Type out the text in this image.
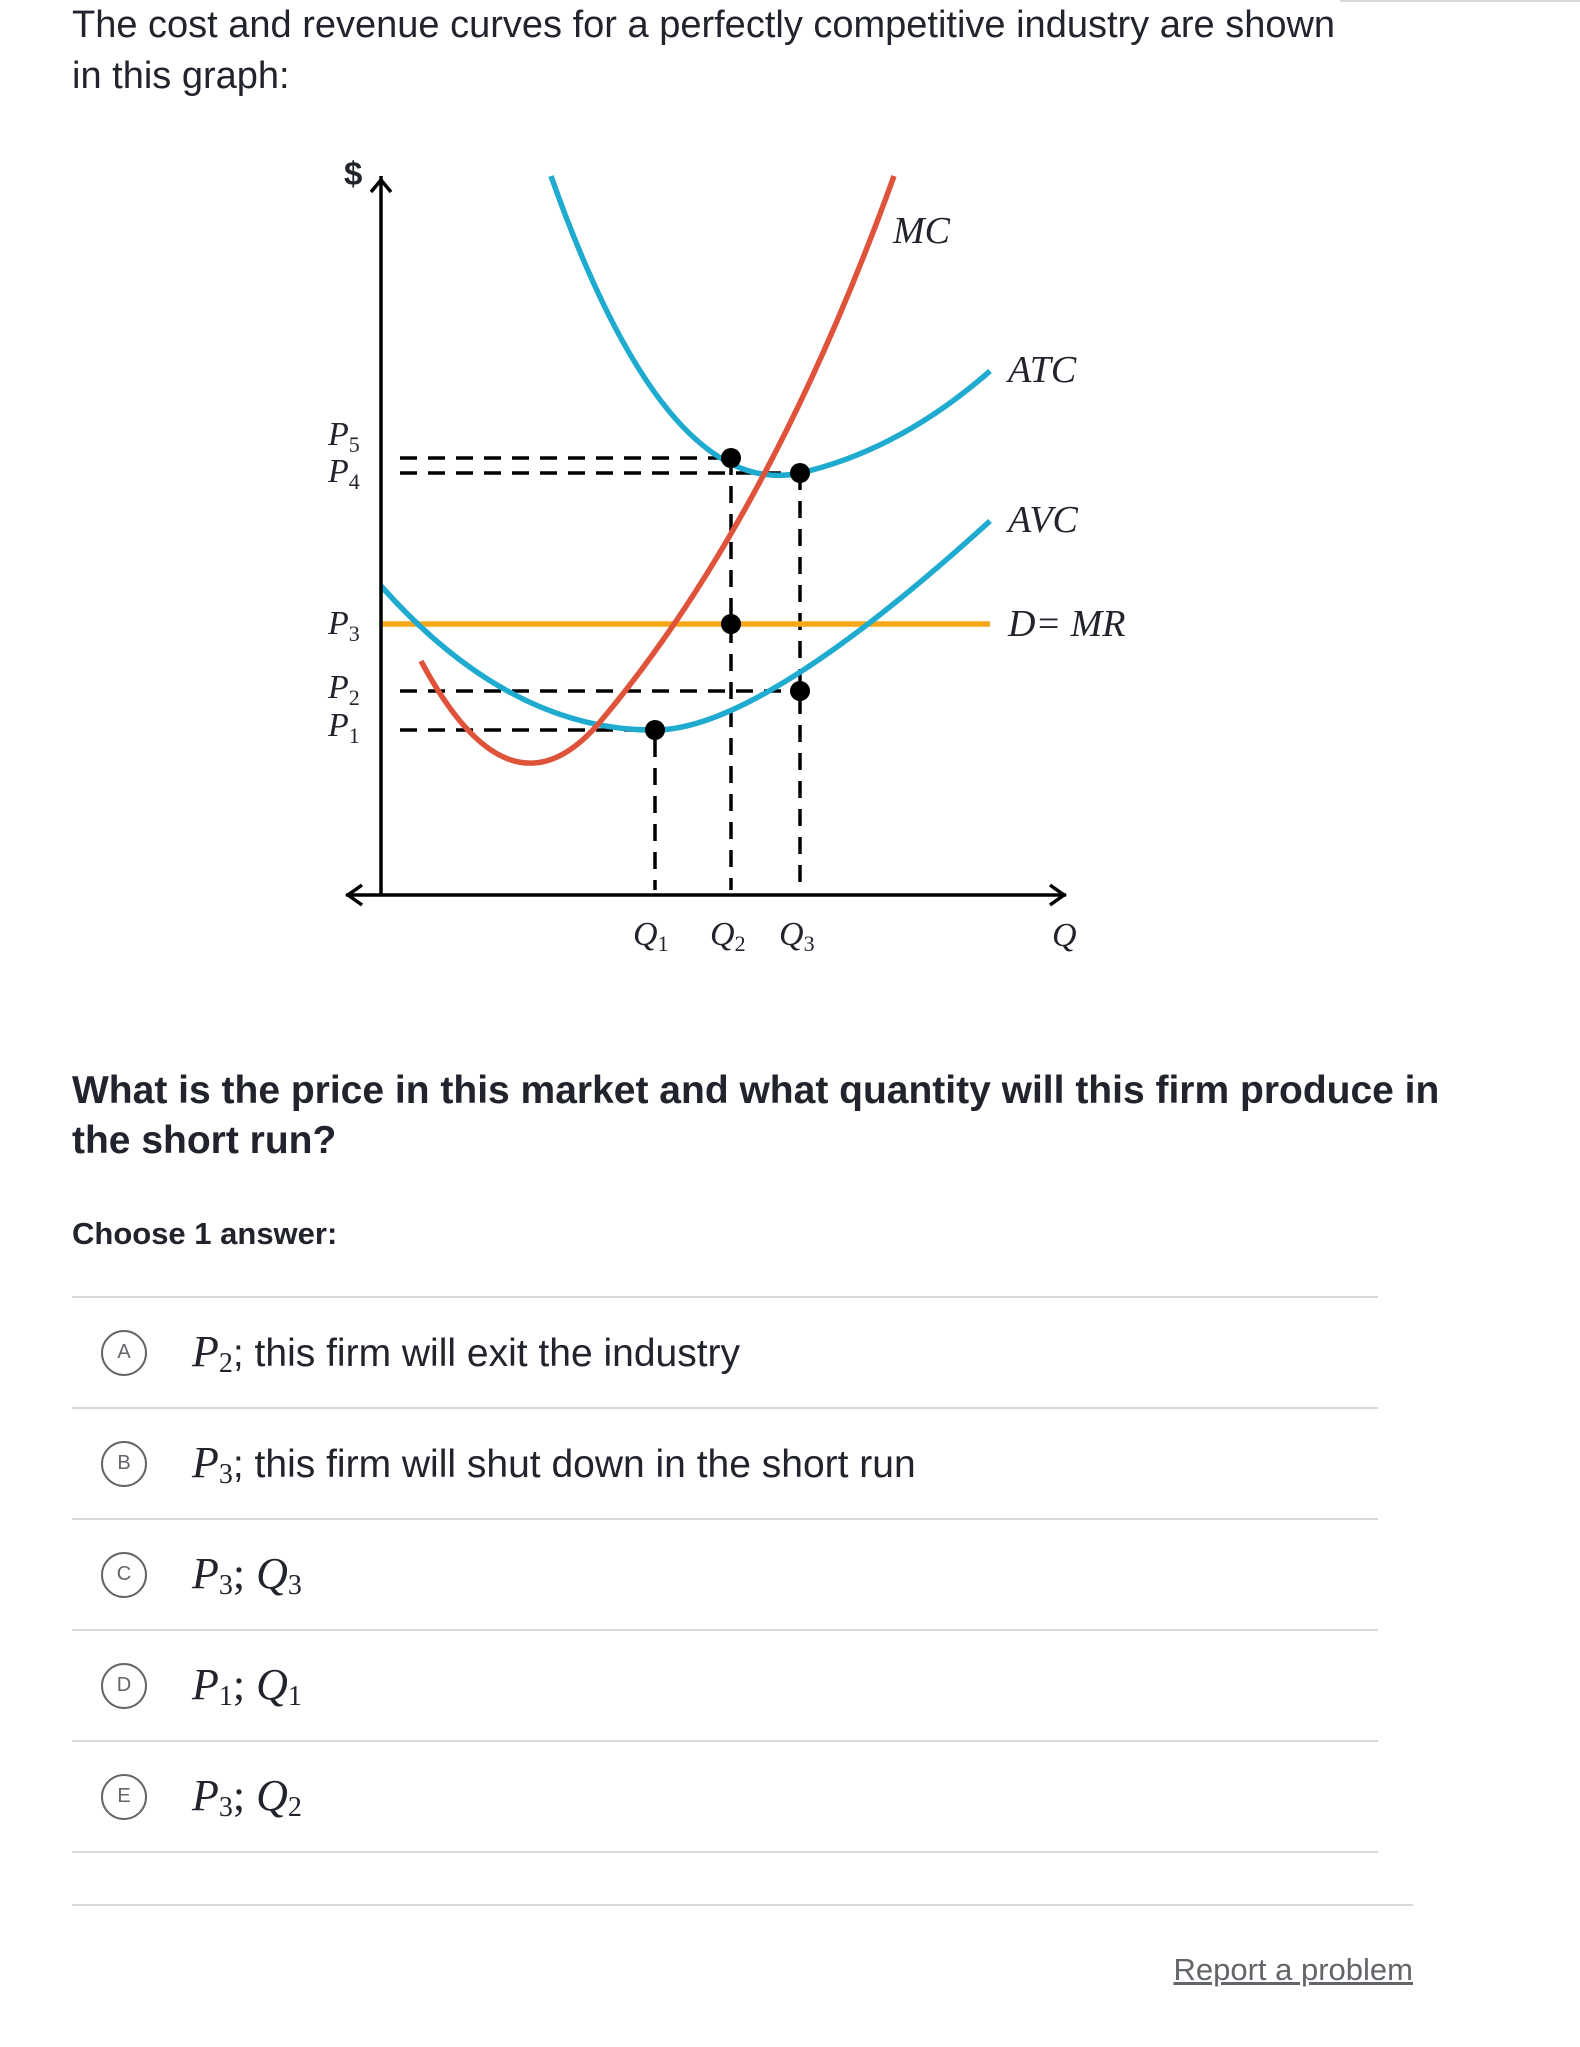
The cost and revenue curves for a perfectly competitive industry are shown in this graph:
$
$P_5$
$P_4$
$P_3$
$P_2$
$P_1$
Q1 Q2 Q3	Q
MC
ATC
AVC
D= MR
What is the price in this market and what quantity will this firm produce in the short run?
Choose 1 answer:
A	$P_2$; this firm will exit the industry
B	$P_3$; this firm will shut down in the short run
C	$P_3$; $Q_3$
D	$P_1$; $Q_1$
E	$P_3$; $Q_2$
Report a problem
